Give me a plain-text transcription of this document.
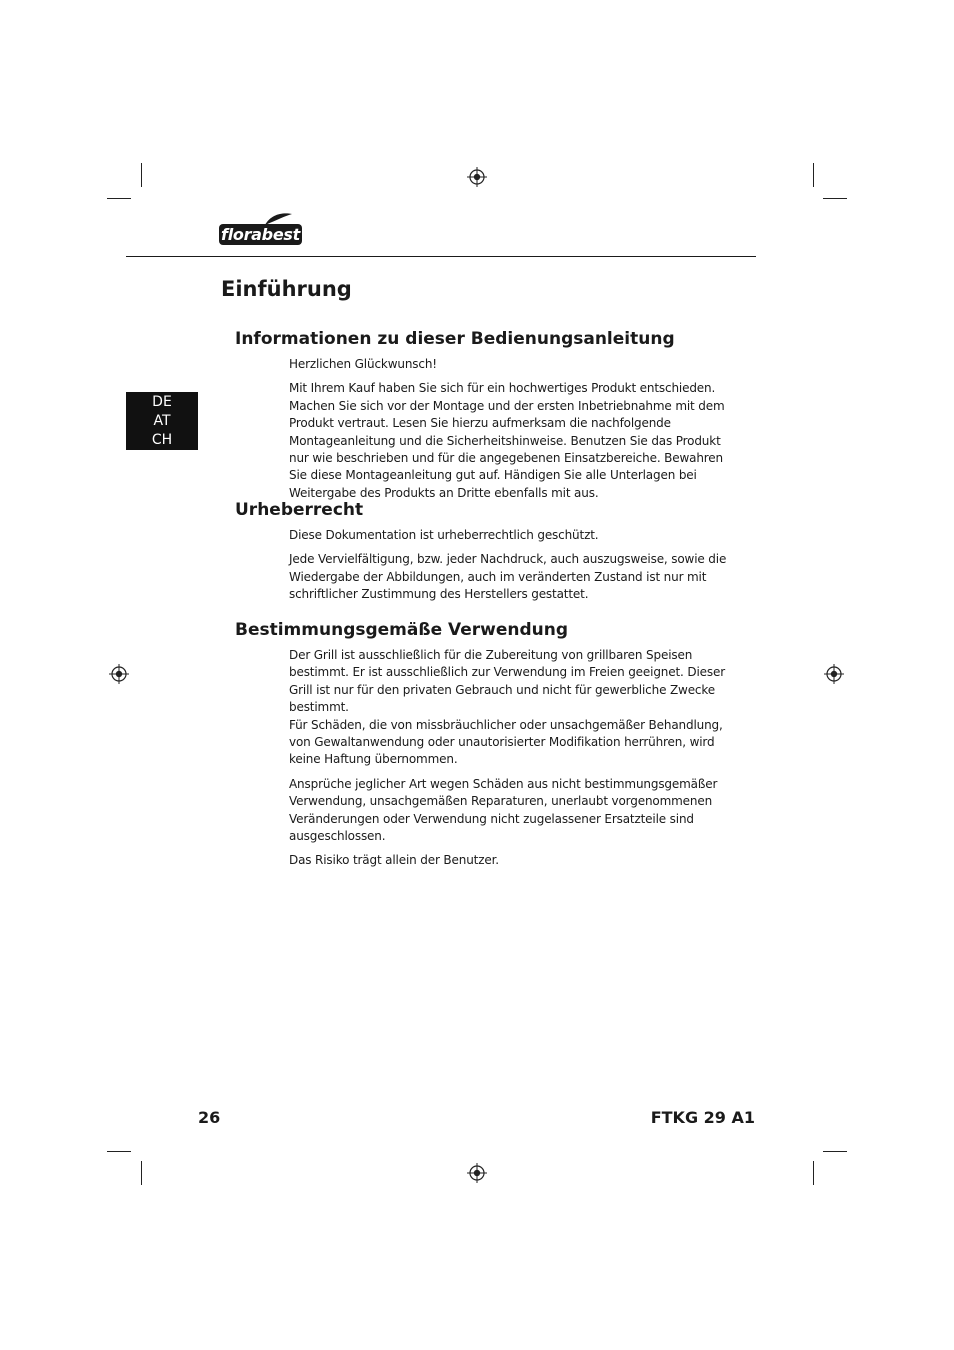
florabest
Einführung
DE
AT
CH
Informationen zu dieser Bedienungsanleitung

Herzlichen Glückwunsch!

Mit Ihrem Kauf haben Sie sich für ein hochwertiges Produkt entschieden. Machen Sie sich vor der Montage und der ersten Inbetriebnahme mit dem Produkt vertraut. Lesen Sie hierzu aufmerksam die nachfolgende Montageanleitung und die Sicherheitshinweise. Benutzen Sie das Produkt nur wie beschrieben und für die angegebenen Einsatzbereiche. Bewahren Sie diese Montageanleitung gut auf. Händigen Sie alle Unterlagen bei Weitergabe des Produkts an Dritte ebenfalls mit aus.

Urheberrecht

Diese Dokumentation ist urheberrechtlich geschützt.

Jede Vervielfältigung, bzw. jeder Nachdruck, auch auszugsweise, sowie die Wiedergabe der Abbildungen, auch im veränderten Zustand ist nur mit schriftlicher Zustimmung des Herstellers gestattet.

Bestimmungsgemäße Verwendung

Der Grill ist ausschließlich für die Zubereitung von grillbaren Speisen bestimmt. Er ist ausschließlich zur Verwendung im Freien geeignet. Dieser Grill ist nur für den privaten Gebrauch und nicht für gewerbliche Zwecke bestimmt.

Für Schäden, die von missbräuchlicher oder unsachgemäßer Behandlung, von Gewaltanwendung oder unautorisierter Modifikation herrühren, wird keine Haftung übernommen.

Ansprüche jeglicher Art wegen Schäden aus nicht bestimmungsgemäßer Verwendung, unsachgemäßen Reparaturen, unerlaubt vorgenommenen Veränderungen oder Verwendung nicht zugelassener Ersatzteile sind ausgeschlossen.

Das Risiko trägt allein der Benutzer.

26	FTKG 29 A1
